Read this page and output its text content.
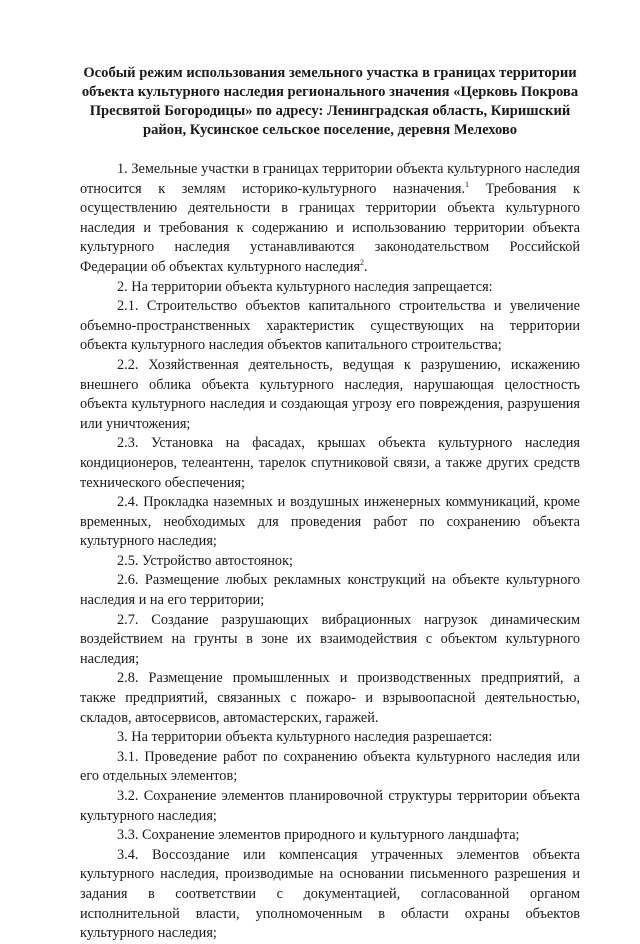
Особый режим использования земельного участка в границах территории объекта культурного наследия регионального значения «Церковь Покрова Пресвятой Богородицы» по адресу: Ленинградская область, Киришский район, Кусинское сельское поселение, деревня Мелехово

1. Земельные участки в границах территории объекта культурного наследия относится к землям историко-культурного назначения.$^1$ Требования к осуществлению деятельности в границах территории объекта культурного наследия и требования к содержанию и использованию территории объекта культурного наследия устанавливаются законодательством Российской Федерации об объектах культурного наследия$^2$.

2. На территории объекта культурного наследия запрещается:

2.1. Строительство объектов капитального строительства и увеличение объемно-пространственных характеристик существующих на территории объекта культурного наследия объектов капитального строительства;

2.2. Хозяйственная деятельность, ведущая к разрушению, искажению внешнего облика объекта культурного наследия, нарушающая целостность объекта культурного наследия и создающая угрозу его повреждения, разрушения или уничтожения;

2.3. Установка на фасадах, крышах объекта культурного наследия кондиционеров, телеантенн, тарелок спутниковой связи, а также других средств технического обеспечения;

2.4. Прокладка наземных и воздушных инженерных коммуникаций, кроме временных, необходимых для проведения работ по сохранению объекта культурного наследия;

2.5. Устройство автостоянок;

2.6. Размещение любых рекламных конструкций на объекте культурного наследия и на его территории;

2.7. Создание разрушающих вибрационных нагрузок динамическим воздействием на грунты в зоне их взаимодействия с объектом культурного наследия;

2.8. Размещение промышленных и производственных предприятий, а также предприятий, связанных с пожаро- и взрывоопасной деятельностью, складов, автосервисов, автомастерских, гаражей.

3. На территории объекта культурного наследия разрешается:

3.1. Проведение работ по сохранению объекта культурного наследия или его отдельных элементов;

3.2. Сохранение элементов планировочной структуры территории объекта культурного наследия;

3.3. Сохранение элементов природного и культурного ландшафта;

3.4. Воссоздание или компенсация утраченных элементов объекта культурного наследия, производимые на основании письменного разрешения и задания в соответствии с документацией, согласованной органом исполнительной власти, уполномоченным в области охраны объектов культурного наследия;
